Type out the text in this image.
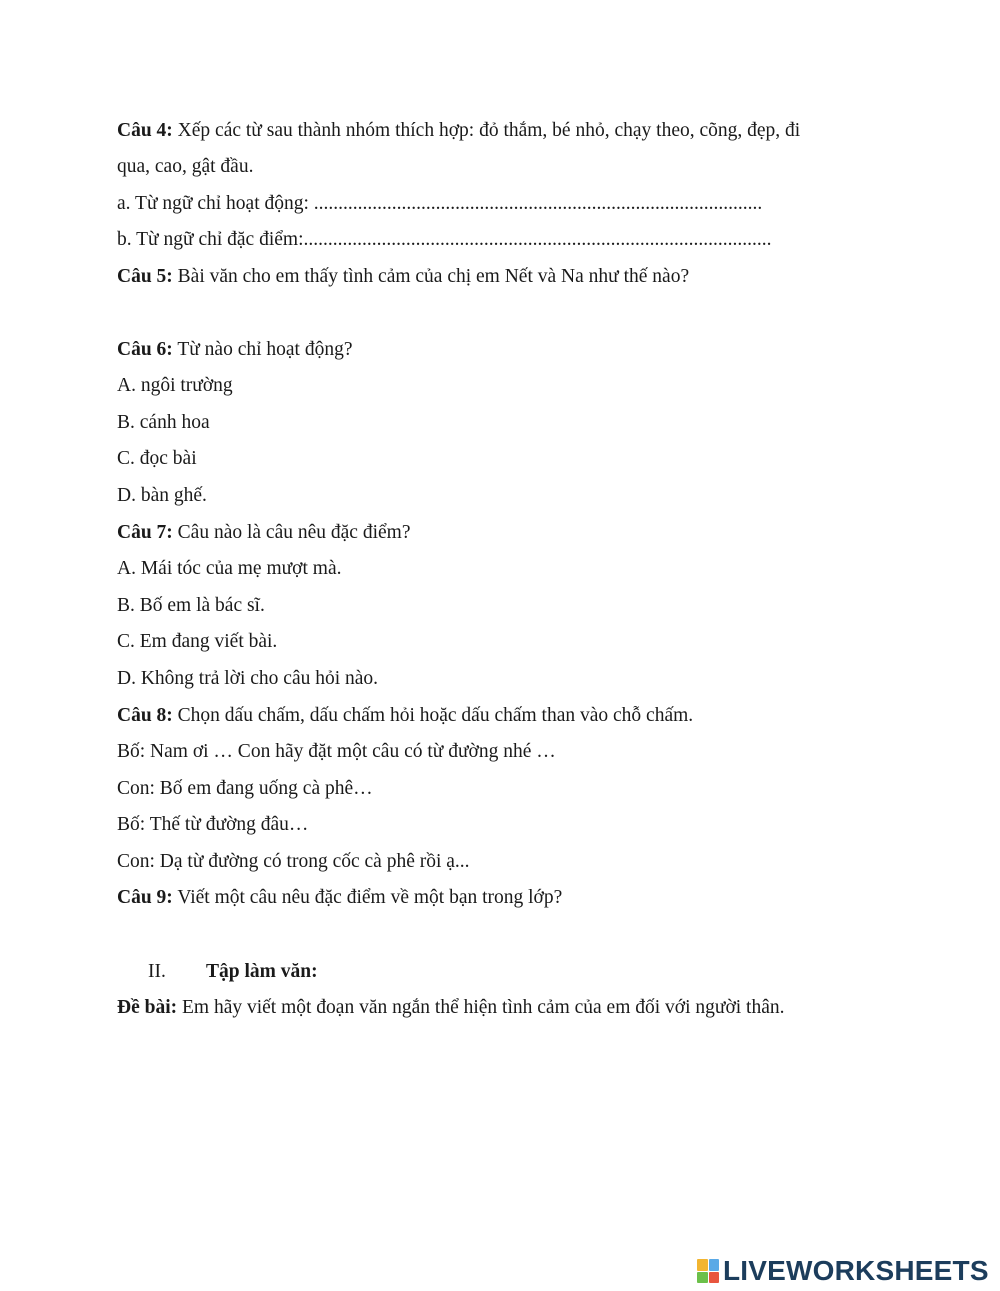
Câu 4: Xếp các từ sau thành nhóm thích hợp: đỏ thắm, bé nhỏ, chạy theo, cõng, đẹp, đi
qua, cao, gật đầu.
a. Từ ngữ chỉ hoạt động: ............................................................................................
b. Từ ngữ chỉ đặc điểm:................................................................................................
Câu 5: Bài văn cho em thấy tình cảm của chị em Nết và Na như thế nào?
Câu 6: Từ nào chỉ hoạt động?
A. ngôi trường
B. cánh hoa
C. đọc bài
D. bàn ghế.
Câu 7: Câu nào là câu nêu đặc điểm?
A. Mái tóc của mẹ mượt mà.
B. Bố em là bác sĩ.
C. Em đang viết bài.
D. Không trả lời cho câu hỏi nào.
Câu 8: Chọn dấu chấm, dấu chấm hỏi hoặc dấu chấm than vào chỗ chấm.
Bố: Nam ơi … Con hãy đặt một câu có từ đường nhé …
Con: Bố em đang uống cà phê…
Bố: Thế từ đường đâu…
Con: Dạ từ đường có trong cốc cà phê rồi ạ...
Câu 9: Viết một câu nêu đặc điểm về một bạn trong lớp?
II. Tập làm văn:
Đề bài: Em hãy viết một đoạn văn ngắn thể hiện tình cảm của em đối với người thân.
LIVEWORKSHEETS
